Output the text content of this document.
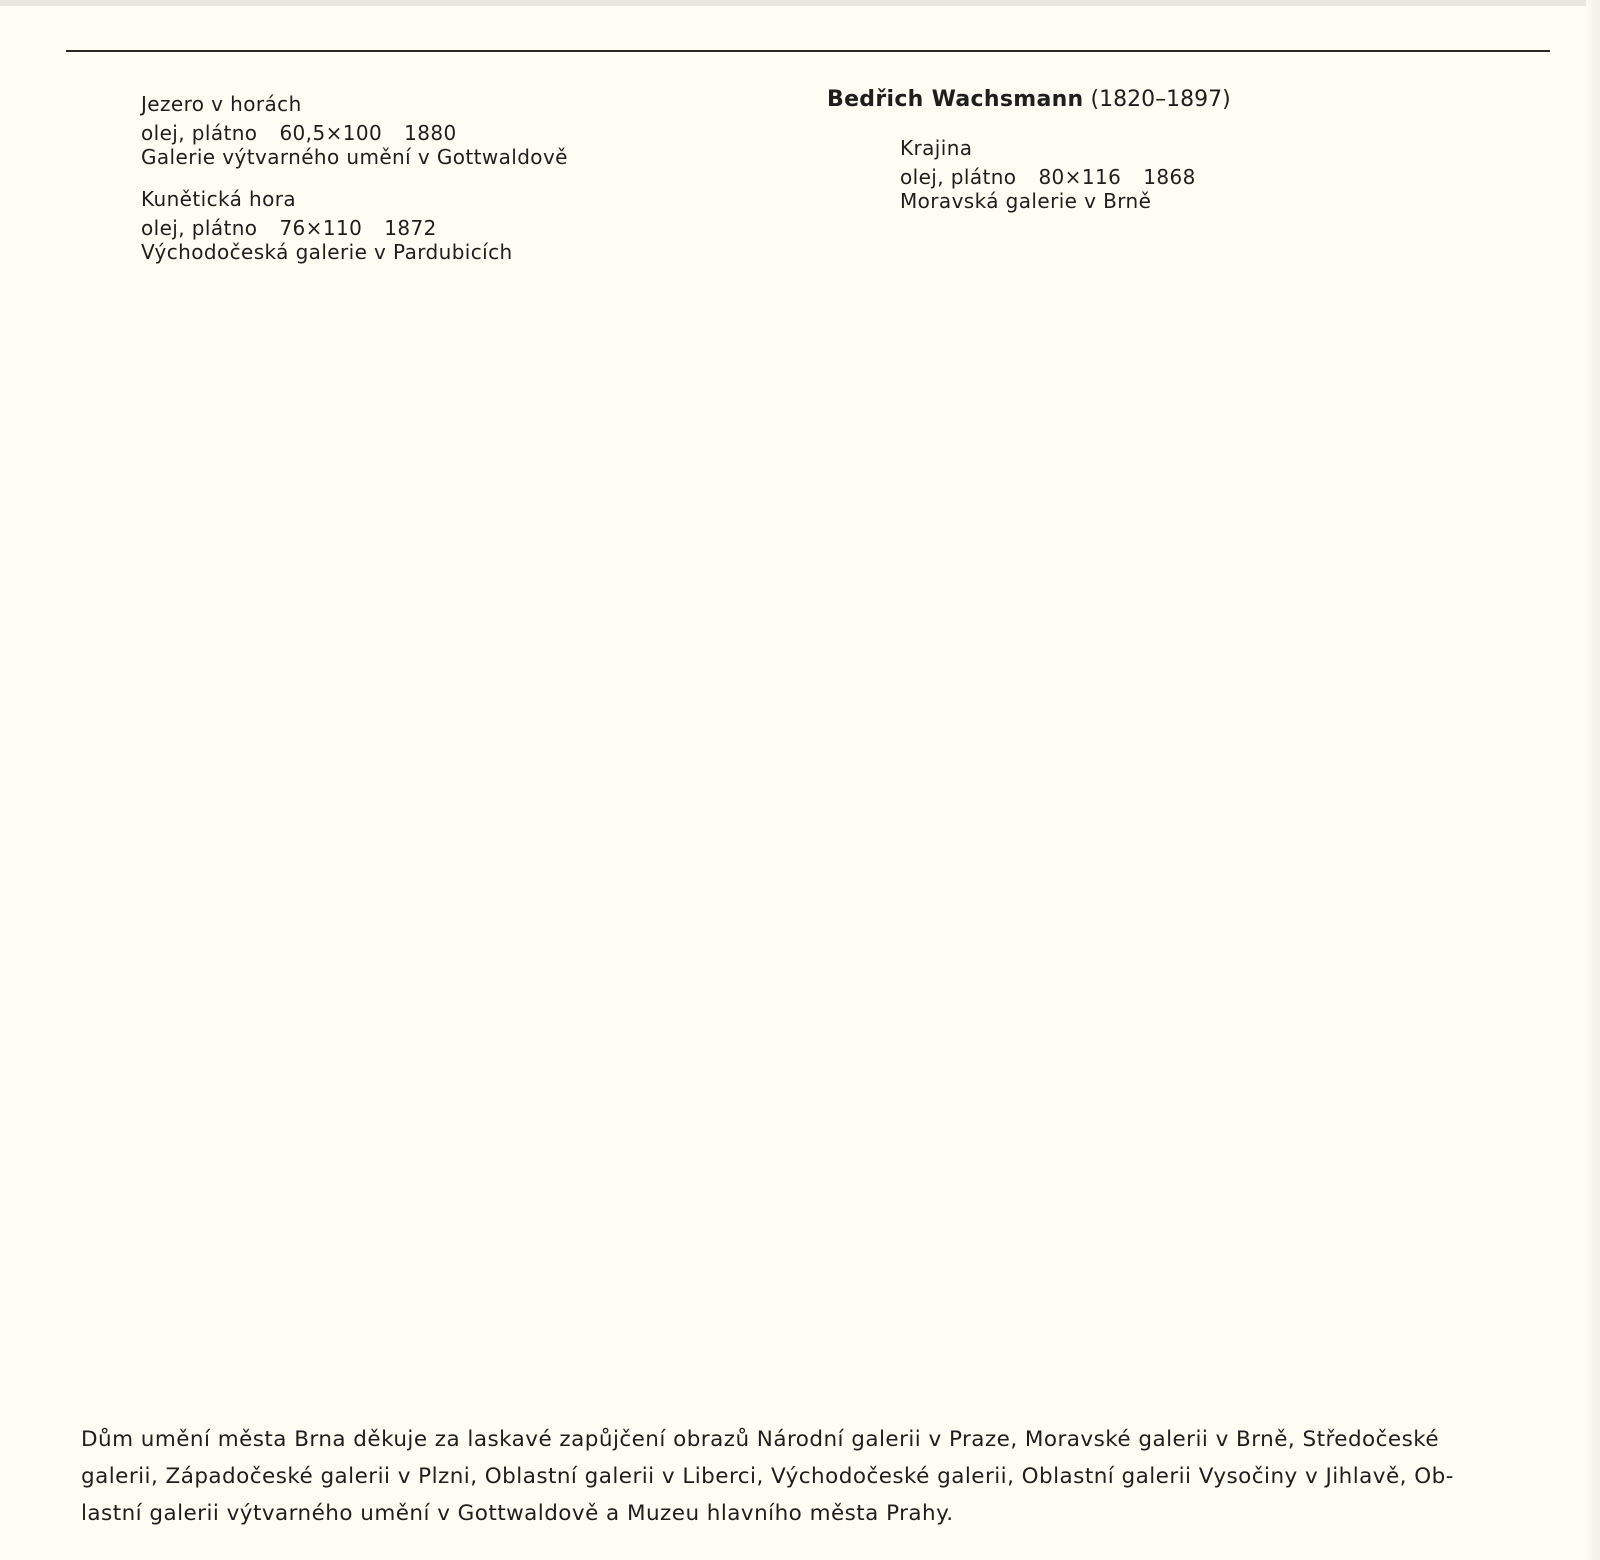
Jezero v horách
olej, plátno 60,5×100 1880
Galerie výtvarného umění v Gottwaldově
Kunětická hora
olej, plátno 76×110 1872
Východočeská galerie v Pardubicích
Bedřich Wachsmann (1820–1897)
Krajina
olej, plátno 80×116 1868
Moravská galerie v Brně
Dům umění města Brna děkuje za laskavé zapůjčení obrazů Národní galerii v Praze, Moravské galerii v Brně, Středočeské
galerii, Západočeské galerii v Plzni, Oblastní galerii v Liberci, Východočeské galerii, Oblastní galerii Vysočiny v Jihlavě, Ob-
lastní galerii výtvarného umění v Gottwaldově a Muzeu hlavního města Prahy.
